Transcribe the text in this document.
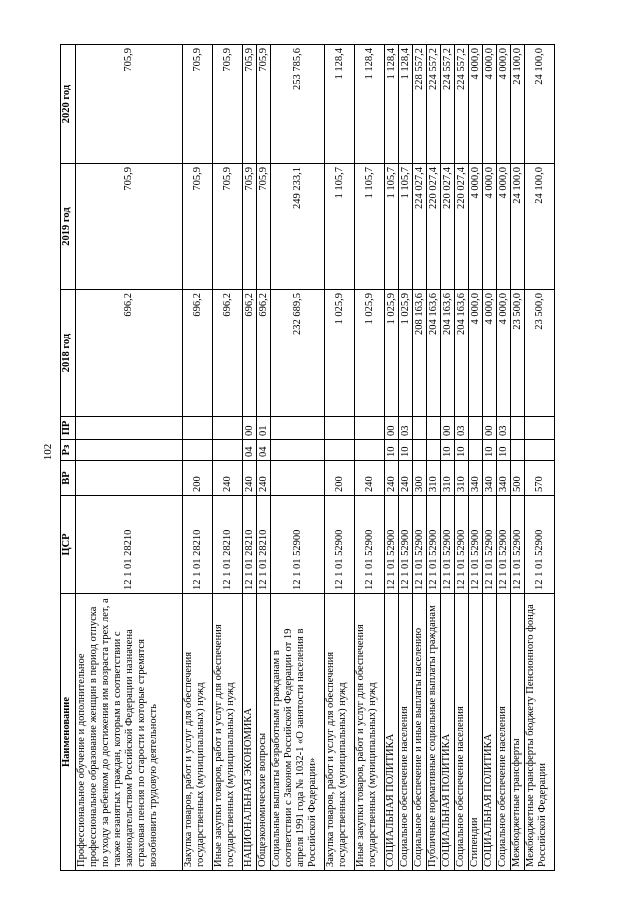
Наименование	ЦСР	ВР	Рз	ПР	2018 год	2019 год	2020 год
Профессиональное обучение и дополнительное профессиональное образование женщин в период отпуска по уходу за ребенком до достижения им возраста трех лет, а также незанятых граждан, которым в соответствии с законодательством Российской Федерации назначена страховая пенсия по старости и которые стремятся возобновить трудовую деятельность	12 1 01 28210				696,2	705,9	705,9
Закупка товаров, работ и услуг для обеспечения государственных (муниципальных) нужд	12 1 01 28210	200			696,2	705,9	705,9
Иные закупки товаров, работ и услуг для обеспечения государственных (муниципальных) нужд	12 1 01 28210	240			696,2	705,9	705,9
НАЦИОНАЛЬНАЯ ЭКОНОМИКА	12 1 01 28210	240	04	00	696,2	705,9	705,9
Общеэкономические вопросы	12 1 01 28210	240	04	01	696,2	705,9	705,9
Социальные выплаты безработным гражданам в соответствии с Законом Российской Федерации от 19 апреля 1991 года № 1032-1 «О занятости населения в Российской Федерации»	12 1 01 52900				232 689,5	249 233,1	253 785,6
Закупка товаров, работ и услуг для обеспечения государственных (муниципальных) нужд	12 1 01 52900	200			1 025,9	1 105,7	1 128,4
Иные закупки товаров, работ и услуг для обеспечения государственных (муниципальных) нужд	12 1 01 52900	240			1 025,9	1 105,7	1 128,4
СОЦИАЛЬНАЯ ПОЛИТИКА	12 1 01 52900	240	10	00	1 025,9	1 105,7	1 128,4
Социальное обеспечение населения	12 1 01 52900	240	10	03	1 025,9	1 105,7	1 128,4
Социальное обеспечение и иные выплаты населению	12 1 01 52900	300			208 163,6	224 027,4	228 557,2
Публичные нормативные социальные выплаты гражданам	12 1 01 52900	310			204 163,6	220 027,4	224 557,2
СОЦИАЛЬНАЯ ПОЛИТИКА	12 1 01 52900	310	10	00	204 163,6	220 027,4	224 557,2
Социальное обеспечение населения	12 1 01 52900	310	10	03	204 163,6	220 027,4	224 557,2
Стипендии	12 1 01 52900	340			4 000,0	4 000,0	4 000,0
СОЦИАЛЬНАЯ ПОЛИТИКА	12 1 01 52900	340	10	00	4 000,0	4 000,0	4 000,0
Социальное обеспечение населения	12 1 01 52900	340	10	03	4 000,0	4 000,0	4 000,0
Межбюджетные трансферты	12 1 01 52900	500			23 500,0	24 100,0	24 100,0
Межбюджетные трансферты бюджету Пенсионного фонда Российской Федерации	12 1 01 52900	570			23 500,0	24 100,0	24 100,0
102
